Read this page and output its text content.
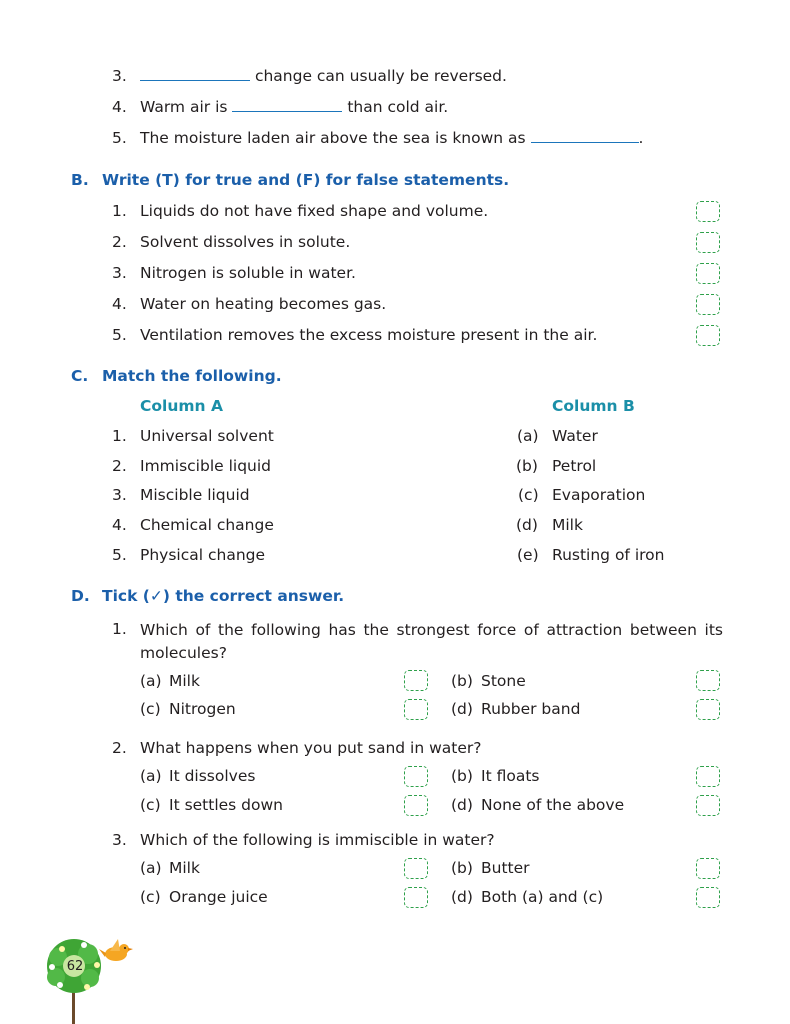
3.	change can usually be reversed.
4. Warm air is	than cold air.
5. The moisture laden air above the sea is known as	.
B. Write (T) for true and (F) for false statements.
1. Liquids do not have fixed shape and volume.
2. Solvent dissolves in solute.
3. Nitrogen is soluble in water.
4. Water on heating becomes gas.
5. Ventilation removes the excess moisture present in the air.
C. Match the following.
Column A	Column B
1. Universal solvent	(a) Water
2. Immiscible liquid	(b) Petrol
3. Miscible liquid	(c) Evaporation
4. Chemical change	(d) Milk
5. Physical change	(e) Rusting of iron
D. Tick (✓) the correct answer.
1. Which of the following has the strongest force of attraction between its molecules?
(a) Milk	(b) Stone
(c) Nitrogen	(d) Rubber band
2. What happens when you put sand in water?
(a) It dissolves	(b) It floats
(c) It settles down	(d) None of the above
3. Which of the following is immiscible in water?
(a) Milk	(b) Butter
(c) Orange juice	(d) Both (a) and (c)
62
